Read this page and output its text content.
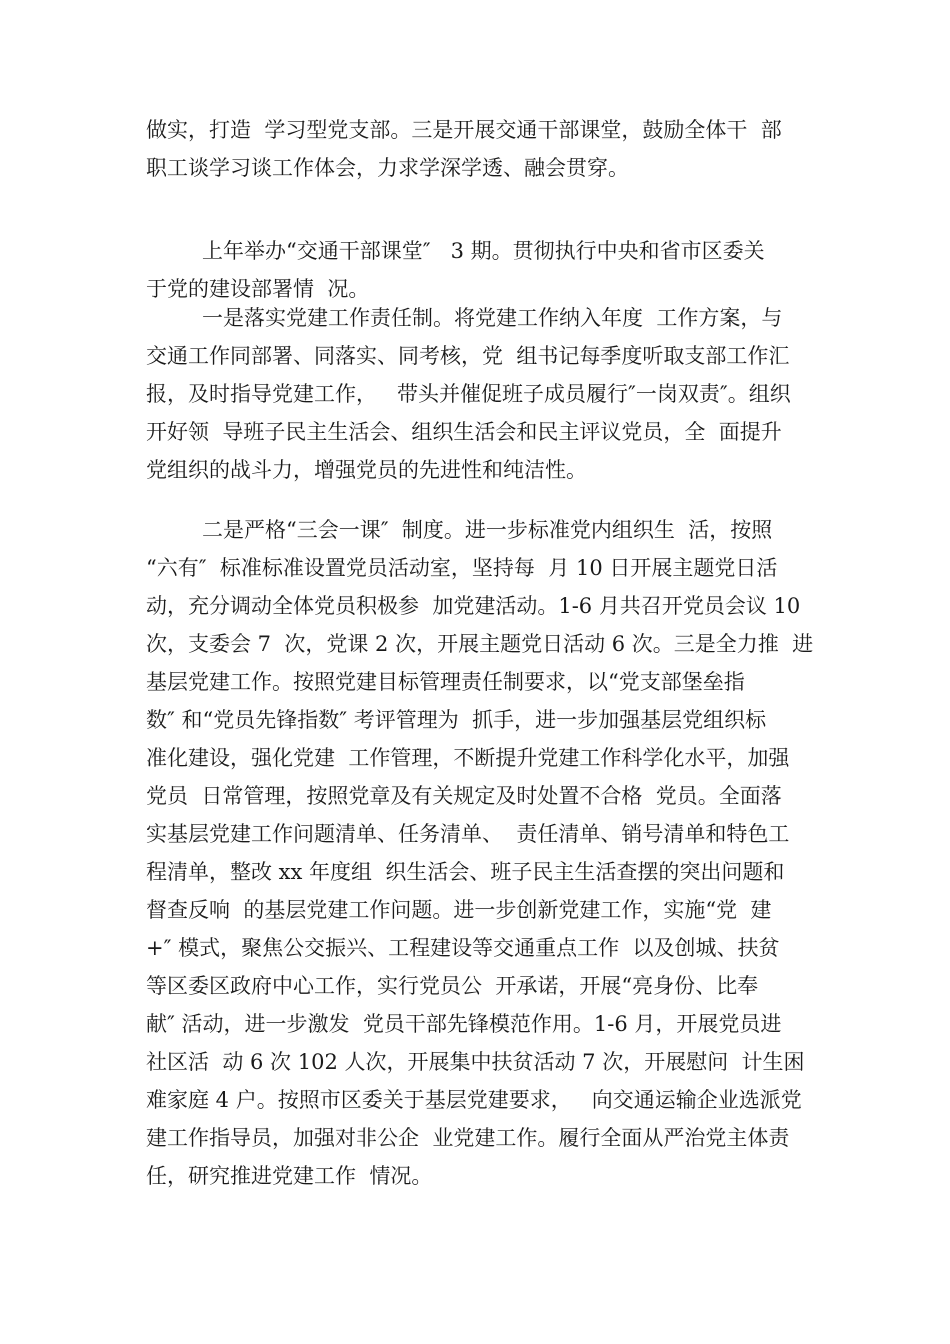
做实，打造  学习型党支部。三是开展交通干部课堂，鼓励全体干  部
职工谈学习谈工作体会，力求学深学透、融会贯穿。

上年举办“交通干部课堂″   3 期。贯彻执行中央和省市区委关
于党的建设部署情  况。

一是落实党建工作责任制。将党建工作纳入年度  工作方案，与
交通工作同部署、同落实、同考核，党  组书记每季度听取支部工作汇
报，及时指导党建工作，   带头并催促班子成员履行″一岗双责″。组织
开好领  导班子民主生活会、组织生活会和民主评议党员，全  面提升
党组织的战斗力，增强党员的先进性和纯洁性。

二是严格“三会一课″  制度。进一步标准党内组织生  活，按照
“六有″  标准标准设置党员活动室，坚持每  月 10 日开展主题党日活
动，充分调动全体党员积极参  加党建活动。1-6 月共召开党员会议 10
次，支委会 7  次，党课 2 次，开展主题党日活动 6 次。三是全力推  进
基层党建工作。按照党建目标管理责任制要求，以“党支部堡垒指
数″ 和“党员先锋指数″ 考评管理为  抓手，进一步加强基层党组织标
准化建设，强化党建  工作管理，不断提升党建工作科学化水平，加强
党员  日常管理，按照党章及有关规定及时处置不合格  党员。全面落
实基层党建工作问题清单、任务清单、  责任清单、销号清单和特色工
程清单，整改 xx 年度组  织生活会、班子民主生活查摆的突出问题和
督查反响  的基层党建工作问题。进一步创新党建工作，实施“党  建
+″ 模式，聚焦公交振兴、工程建设等交通重点工作  以及创城、扶贫
等区委区政府中心工作，实行党员公  开承诺，开展“亮身份、比奉
献″ 活动，进一步激发  党员干部先锋模范作用。1-6 月，开展党员进
社区活  动 6 次 102 人次，开展集中扶贫活动 7 次，开展慰问  计生困
难家庭 4 户。按照市区委关于基层党建要求，   向交通运输企业选派党
建工作指导员，加强对非公企  业党建工作。履行全面从严治党主体责
任，研究推进党建工作  情况。
